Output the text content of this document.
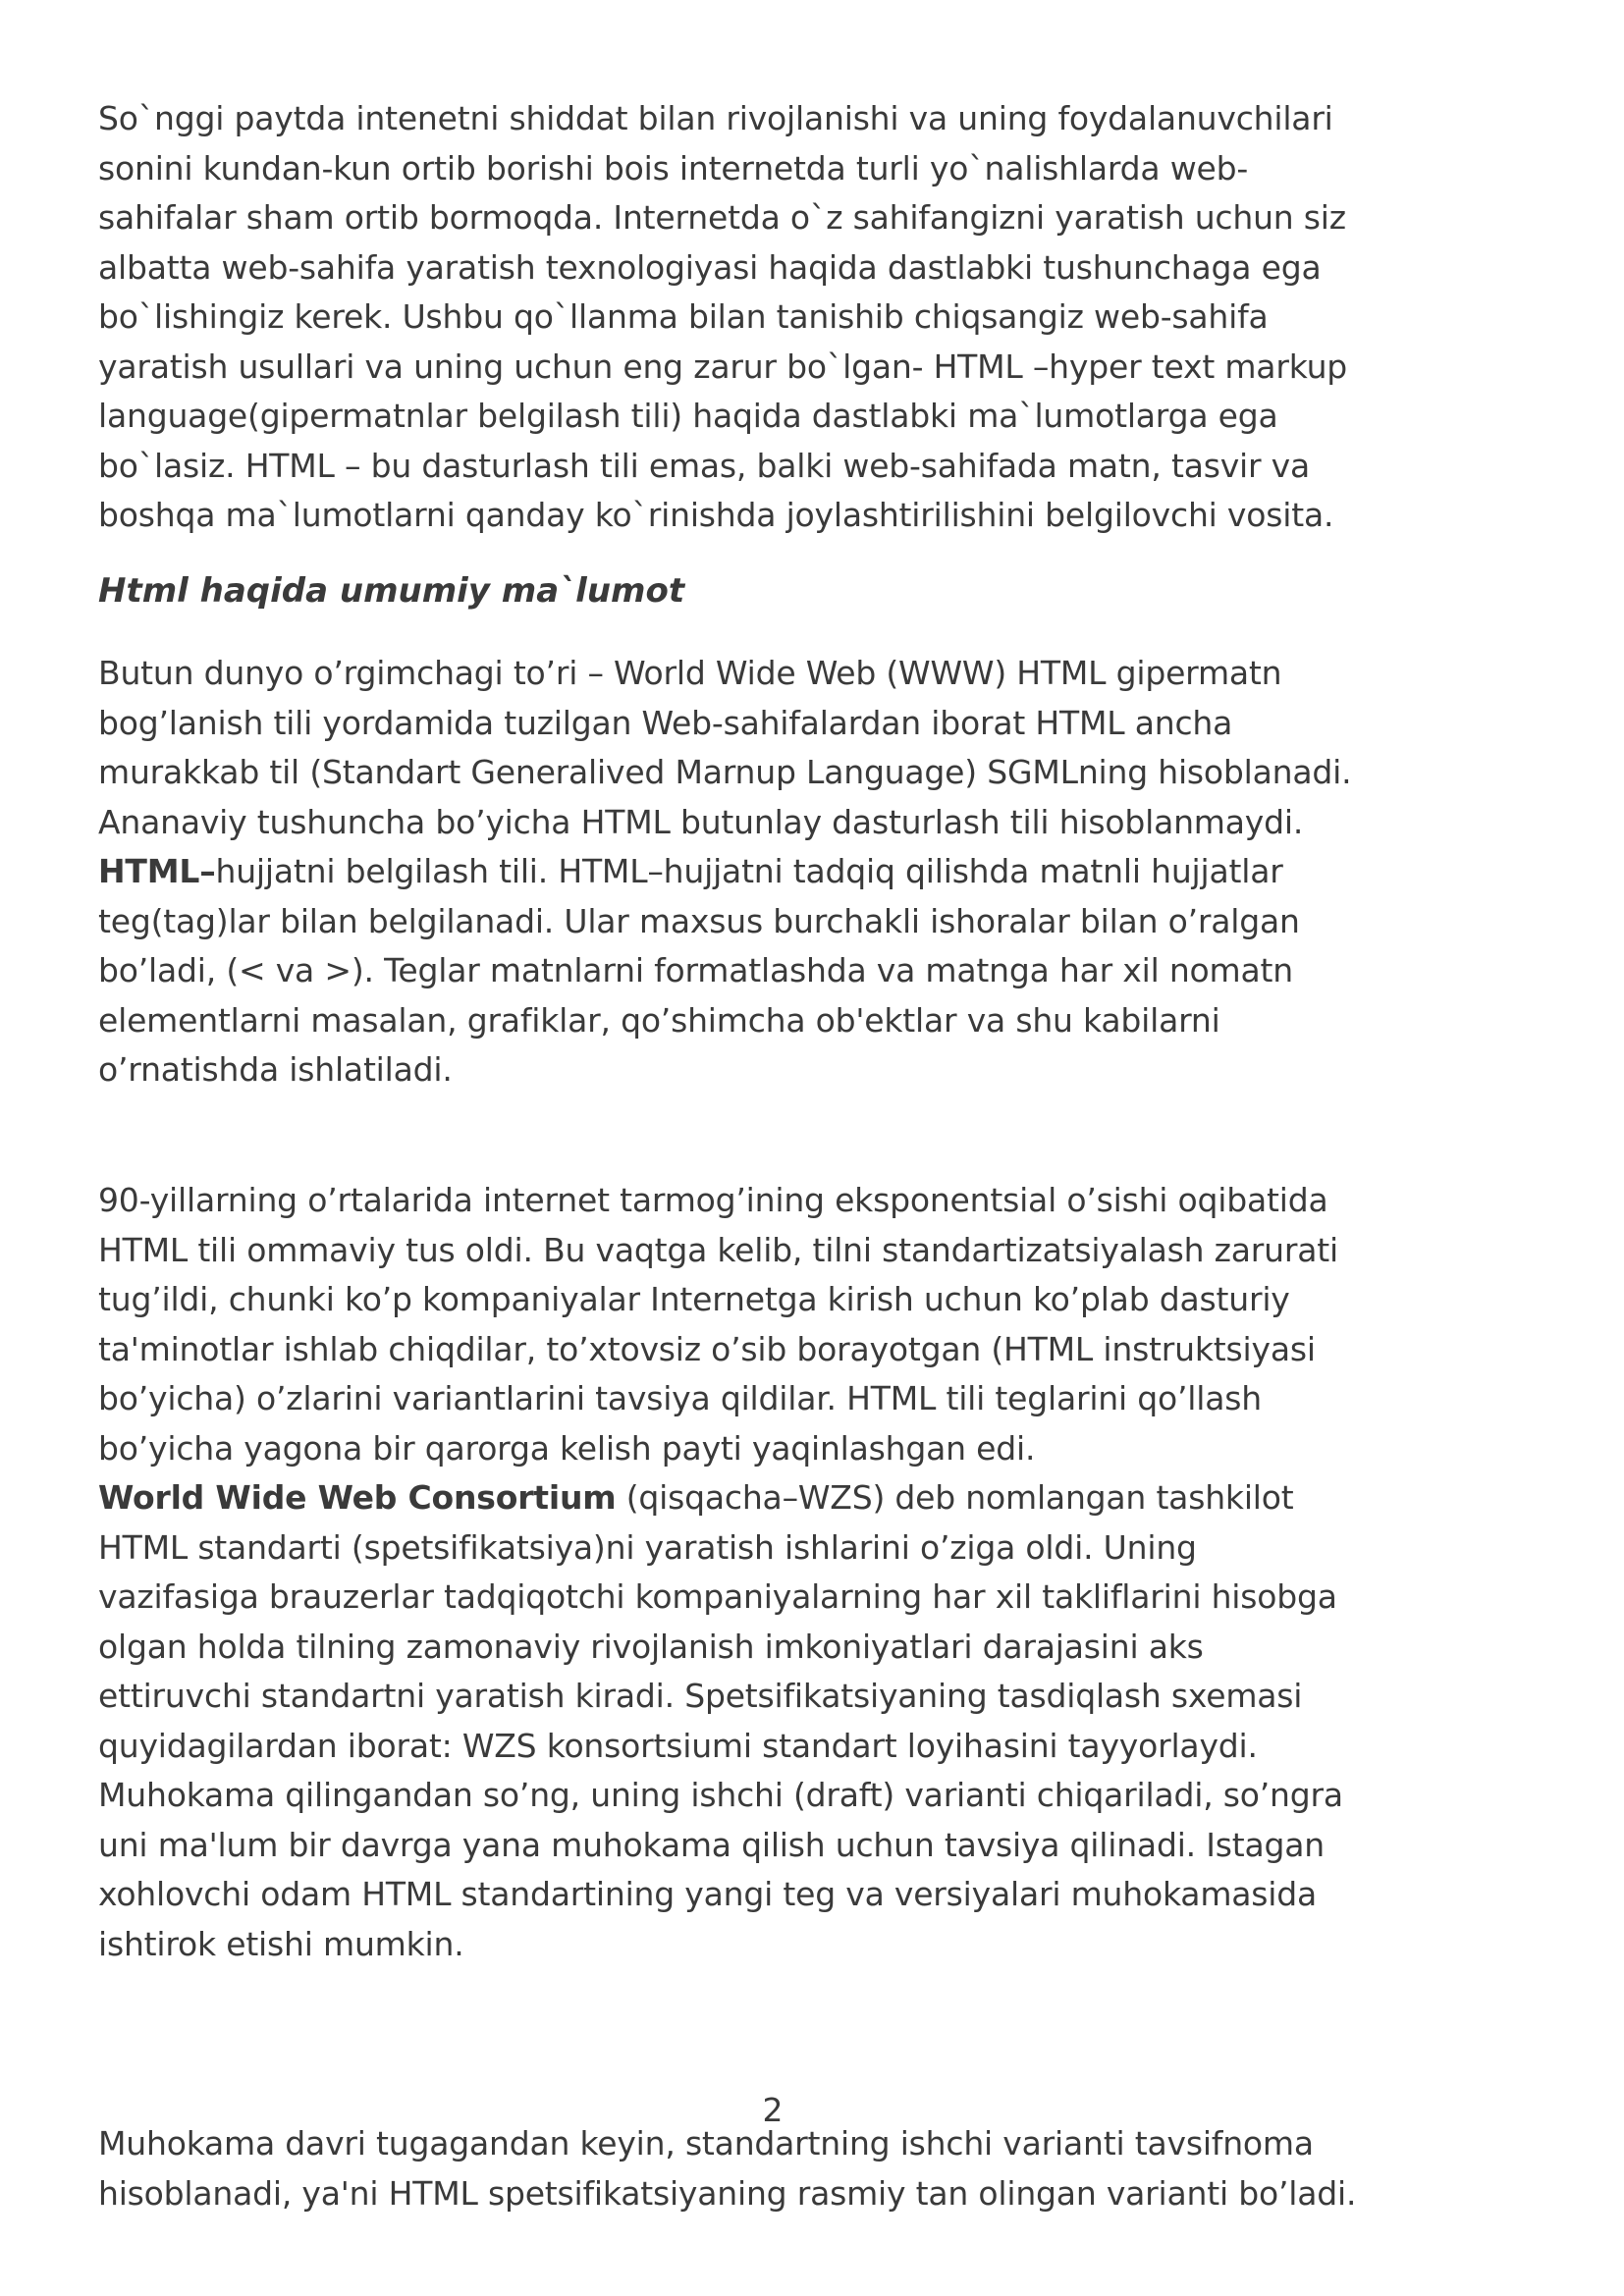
So`nggi paytda intenetni shiddat bilan rivojlanishi va uning foydalanuvchilari
sonini kundan-kun ortib borishi bois internetda turli yo`nalishlarda web-
sahifalar sham ortib bormoqda. Internetda o`z sahifangizni yaratish uchun siz
albatta web-sahifa yaratish texnologiyasi haqida dastlabki tushunchaga ega
bo`lishingiz kerek. Ushbu qo`llanma bilan tanishib chiqsangiz web-sahifa
yaratish usullari va uning uchun eng zarur bo`lgan- HTML –hyper text markup
language(gipermatnlar belgilash tili) haqida dastlabki ma`lumotlarga ega
bo`lasiz. HTML – bu dasturlash tili emas, balki web-sahifada matn, tasvir va
boshqa ma`lumotlarni qanday ko`rinishda joylashtirilishini belgilovchi vosita.

Html haqida umumiy ma`lumot

Butun dunyo o’rgimchagi to’ri – World Wide Web (WWW) HTML gipermatn
bog’lanish tili yordamida tuzilgan Web-sahifalardan iborat HTML ancha
murakkab til (Standart Generalived Marnup Language) SGMLning hisoblanadi.
Ananaviy tushuncha bo’yicha HTML butunlay dasturlash tili hisoblanmaydi.
HTML–hujjatni belgilash tili. HTML–hujjatni tadqiq qilishda matnli hujjatlar
teg(tag)lar bilan belgilanadi. Ular maxsus burchakli ishoralar bilan o’ralgan
bo’ladi, (< va >). Teglar matnlarni formatlashda va matnga har xil nomatn
elementlarni masalan, grafiklar, qo’shimcha ob'ektlar va shu kabilarni
o’rnatishda ishlatiladi.

90-yillarning o’rtalarida internet tarmog’ining eksponentsial o’sishi oqibatida
HTML tili ommaviy tus oldi. Bu vaqtga kelib, tilni standartizatsiyalash zarurati
tug’ildi, chunki ko’p kompaniyalar Internetga kirish uchun ko’plab dasturiy
ta'minotlar ishlab chiqdilar, to’xtovsiz o’sib borayotgan (HTML instruktsiyasi
bo’yicha) o’zlarini variantlarini tavsiya qildilar. HTML tili teglarini qo’llash
bo’yicha yagona bir qarorga kelish payti yaqinlashgan edi.
World Wide Web Consortium (qisqacha–WZS) deb nomlangan tashkilot
HTML standarti (spetsifikatsiya)ni yaratish ishlarini o’ziga oldi. Uning
vazifasiga brauzerlar tadqiqotchi kompaniyalarning har xil takliflarini hisobga
olgan holda tilning zamonaviy rivojlanish imkoniyatlari darajasini aks
ettiruvchi standartni yaratish kiradi. Spetsifikatsiyaning tasdiqlash sxemasi
quyidagilardan iborat: WZS konsortsiumi standart loyihasini tayyorlaydi.
Muhokama qilingandan so’ng, uning ishchi (draft) varianti chiqariladi, so’ngra
uni ma'lum bir davrga yana muhokama qilish uchun tavsiya qilinadi. Istagan
xohlovchi odam HTML standartining yangi teg va versiyalari muhokamasida
ishtirok etishi mumkin.

2

Muhokama davri tugagandan keyin, standartning ishchi varianti tavsifnoma
hisoblanadi, ya'ni HTML spetsifikatsiyaning rasmiy tan olingan varianti bo’ladi.
